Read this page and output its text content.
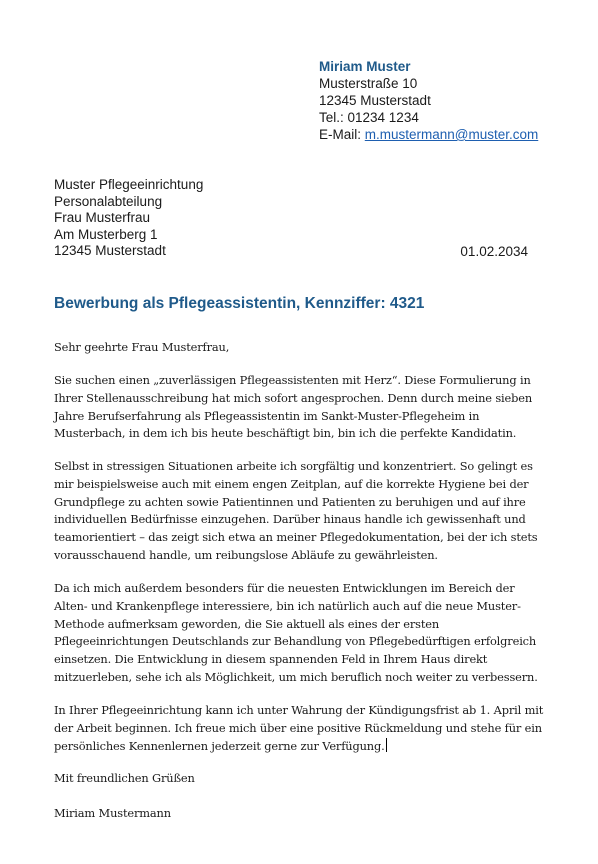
Miriam Muster
Musterstraße 10
12345 Musterstadt
Tel.: 01234 1234
E-Mail: m.mustermann@muster.com
Muster Pflegeeinrichtung
Personalabteilung
Frau Musterfrau
Am Musterberg 1
12345 Musterstadt	01.02.2034
Bewerbung als Pflegeassistentin, Kennziffer: 4321

Sehr geehrte Frau Musterfrau,

Sie suchen einen „zuverlässigen Pflegeassistenten mit Herz“. Diese Formulierung in Ihrer Stellenausschreibung hat mich sofort angesprochen. Denn durch meine sieben Jahre Berufserfahrung als Pflegeassistentin im Sankt-Muster-Pflegeheim in Musterbach, in dem ich bis heute beschäftigt bin, bin ich die perfekte Kandidatin.

Selbst in stressigen Situationen arbeite ich sorgfältig und konzentriert. So gelingt es mir beispielsweise auch mit einem engen Zeitplan, auf die korrekte Hygiene bei der Grundpflege zu achten sowie Patientinnen und Patienten zu beruhigen und auf ihre individuellen Bedürfnisse einzugehen. Darüber hinaus handle ich gewissenhaft und teamorientiert – das zeigt sich etwa an meiner Pflegedokumentation, bei der ich stets vorausschauend handle, um reibungslose Abläufe zu gewährleisten.

Da ich mich außerdem besonders für die neuesten Entwicklungen im Bereich der Alten- und Krankenpflege interessiere, bin ich natürlich auch auf die neue Muster-Methode aufmerksam geworden, die Sie aktuell als eines der ersten Pflegeeinrichtungen Deutschlands zur Behandlung von Pflegebedürftigen erfolgreich einsetzen. Die Entwicklung in diesem spannenden Feld in Ihrem Haus direkt mitzuerleben, sehe ich als Möglichkeit, um mich beruflich noch weiter zu verbessern.

In Ihrer Pflegeeinrichtung kann ich unter Wahrung der Kündigungsfrist ab 1. April mit der Arbeit beginnen. Ich freue mich über eine positive Rückmeldung und stehe für ein persönliches Kennenlernen jederzeit gerne zur Verfügung.

Mit freundlichen Grüßen

Miriam Mustermann
